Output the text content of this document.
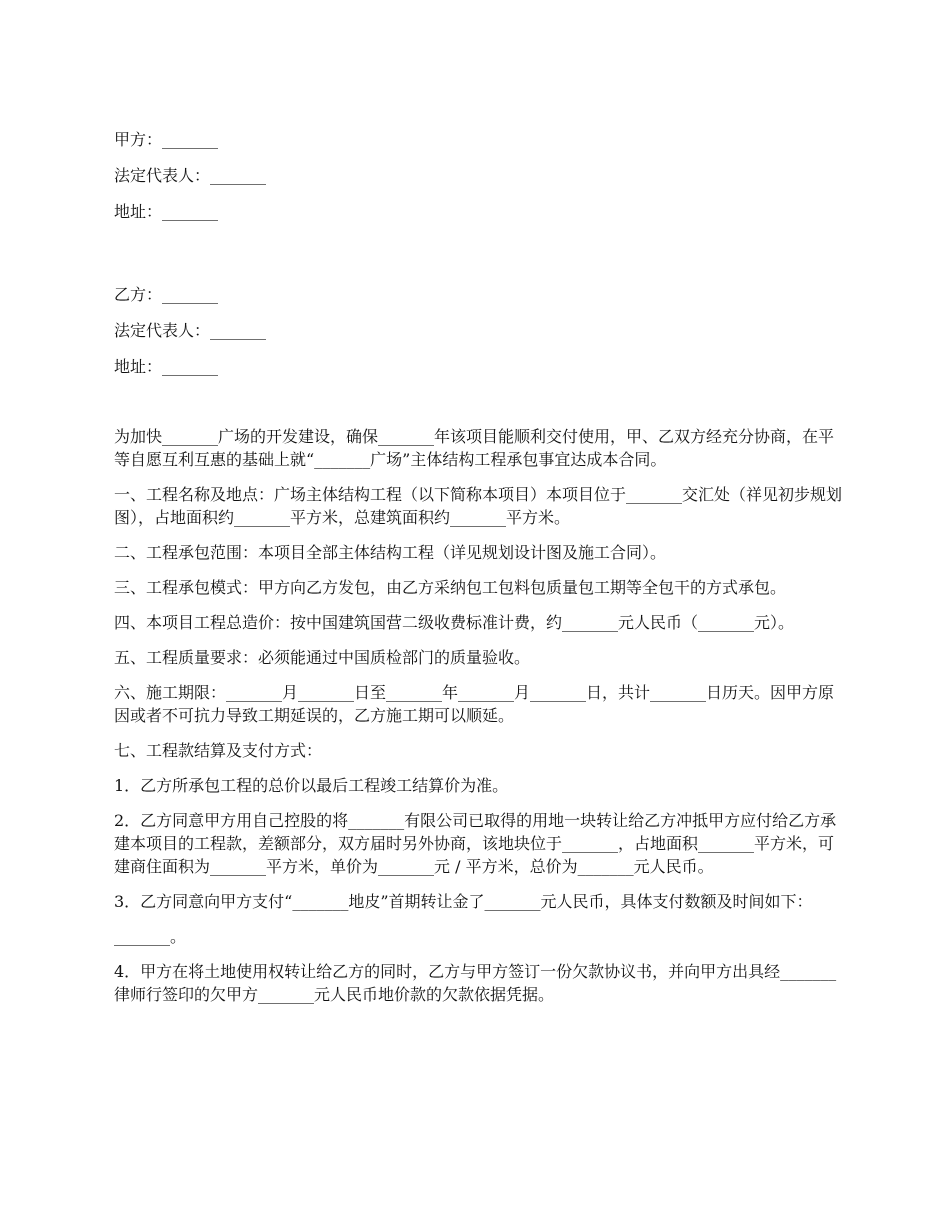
甲方：_______
法定代表人：_______
地址：_______
乙方：_______
法定代表人：_______
地址：_______

为加快_______广场的开发建设，确保_______年该项目能顺利交付使用，甲、乙双方经充分协商，在平等自愿互利互惠的基础上就“_______广场”主体结构工程承包事宜达成本合同。

一、工程名称及地点：广场主体结构工程（以下简称本项目）本项目位于_______交汇处（祥见初步规划图），占地面积约_______平方米，总建筑面积约_______平方米。

二、工程承包范围：本项目全部主体结构工程（详见规划设计图及施工合同）。

三、工程承包模式：甲方向乙方发包，由乙方采纳包工包料包质量包工期等全包干的方式承包。

四、本项目工程总造价：按中国建筑国营二级收费标准计费，约_______元人民币（_______元）。

五、工程质量要求：必须能通过中国质检部门的质量验收。

六、施工期限：_______月_______日至_______年_______月_______日，共计_______日历天。因甲方原因或者不可抗力导致工期延误的，乙方施工期可以顺延。

七、工程款结算及支付方式：

1．乙方所承包工程的总价以最后工程竣工结算价为准。

2．乙方同意甲方用自己控股的将_______有限公司已取得的用地一块转让给乙方冲抵甲方应付给乙方承建本项目的工程款，差额部分，双方届时另外协商，该地块位于_______，占地面积_______平方米，可建商住面积为_______平方米，单价为_______元 / 平方米，总价为_______元人民币。

3．乙方同意向甲方支付“_______地皮”首期转让金了_______元人民币，具体支付数额及时间如下：

_______。

4．甲方在将土地使用权转让给乙方的同时，乙方与甲方签订一份欠款协议书，并向甲方出具经_______律师行签印的欠甲方_______元人民币地价款的欠款依据凭据。
